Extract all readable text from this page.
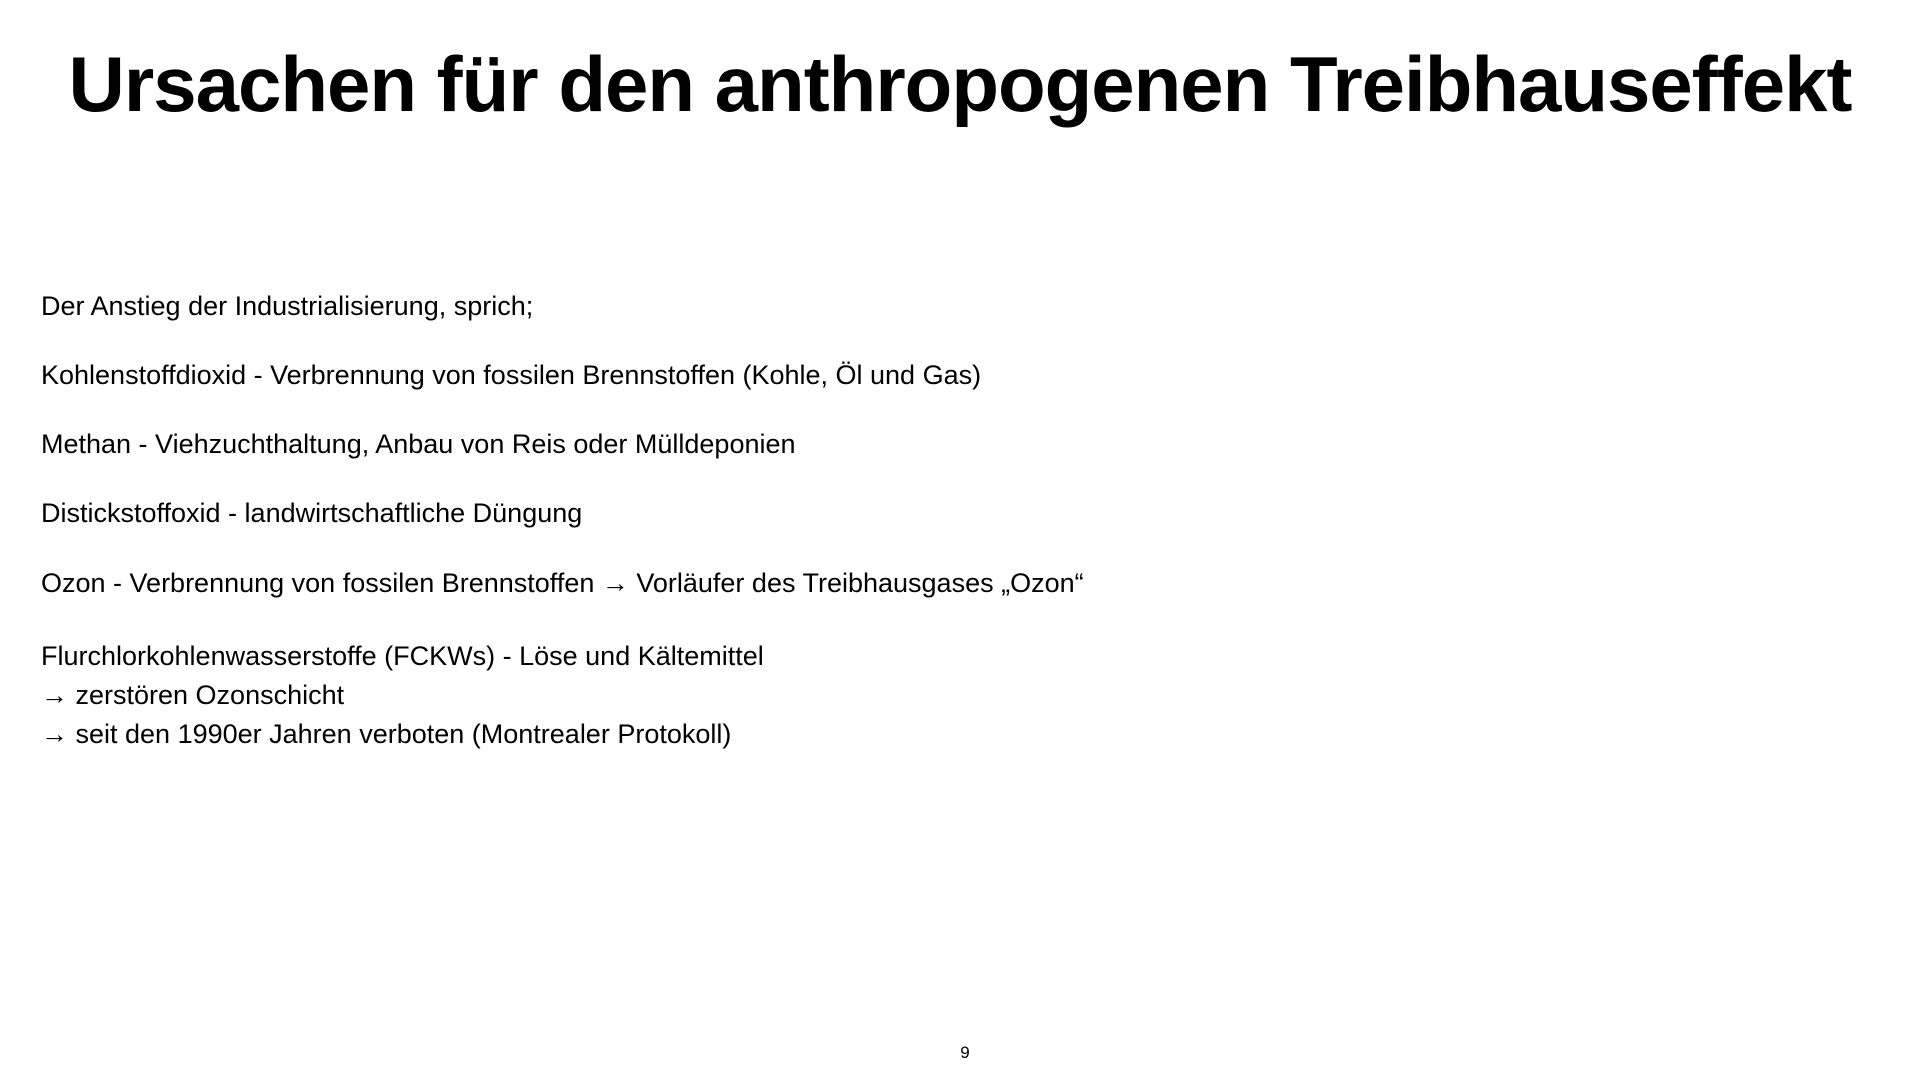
Ursachen für den anthropogenen Treibhauseffekt
Der Anstieg der Industrialisierung, sprich;
Kohlenstoffdioxid - Verbrennung von fossilen Brennstoffen (Kohle, Öl und Gas)
Methan - Viehzuchthaltung, Anbau von Reis oder Mülldeponien
Distickstoffoxid - landwirtschaftliche Düngung
Ozon - Verbrennung von fossilen Brennstoffen → Vorläufer des Treibhausgases „Ozon“
Flurchlorkohlenwasserstoffe (FCKWs) - Löse und Kältemittel
→ zerstören Ozonschicht
→ seit den 1990er Jahren verboten (Montrealer Protokoll)
9
